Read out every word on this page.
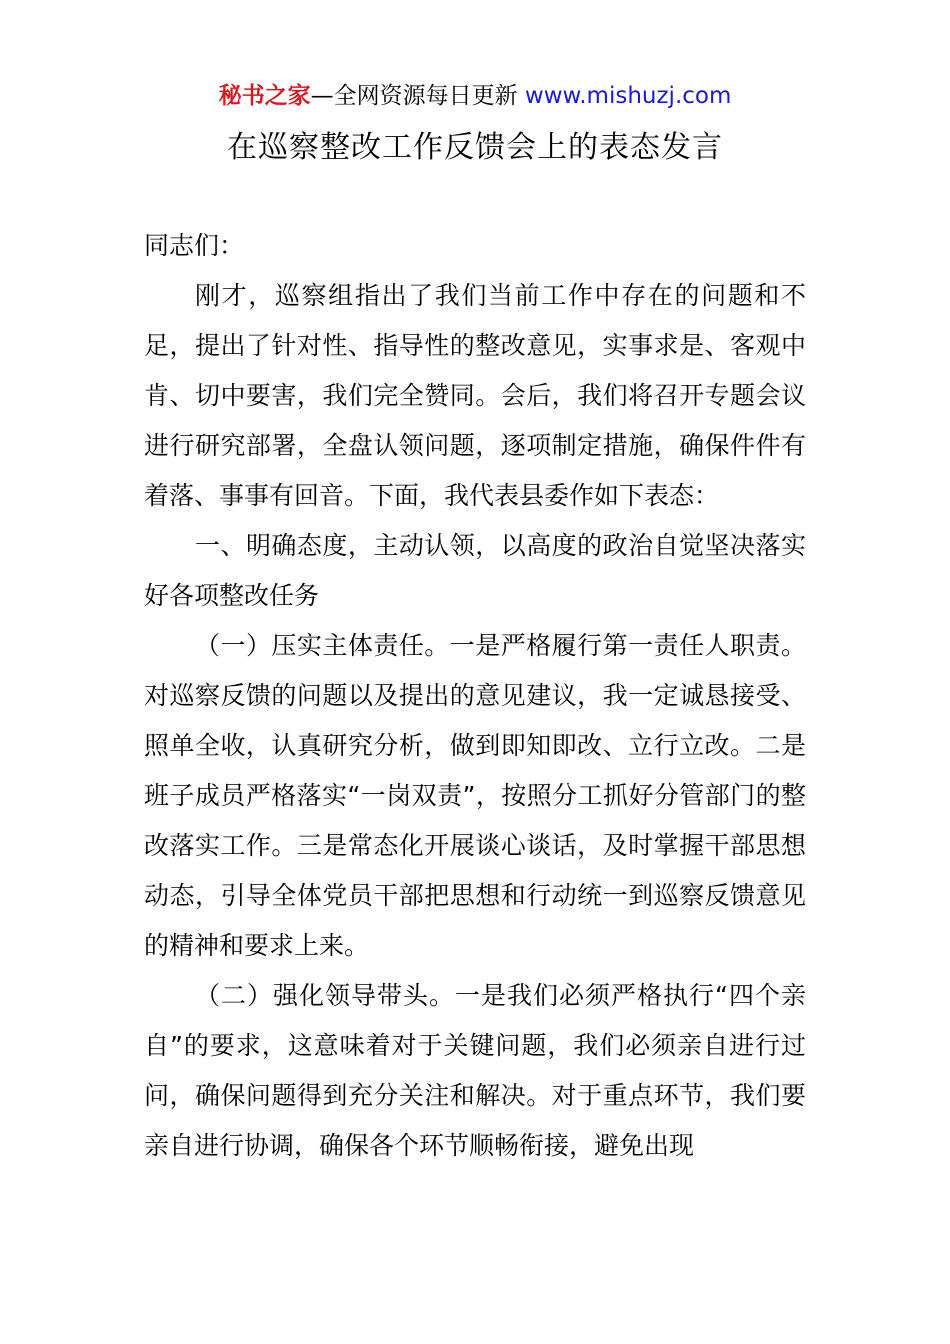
秘书之家—全网资源每日更新 www.mishuzj.com
在巡察整改工作反馈会上的表态发言

同志们：

刚才，巡察组指出了我们当前工作中存在的问题和不足，提出了针对性、指导性的整改意见，实事求是、客观中肯、切中要害，我们完全赞同。会后，我们将召开专题会议进行研究部署，全盘认领问题，逐项制定措施，确保件件有着落、事事有回音。下面，我代表县委作如下表态：

一、明确态度，主动认领，以高度的政治自觉坚决落实好各项整改任务

（一）压实主体责任。一是严格履行第一责任人职责。对巡察反馈的问题以及提出的意见建议，我一定诚恳接受、照单全收，认真研究分析，做到即知即改、立行立改。二是班子成员严格落实“一岗双责”，按照分工抓好分管部门的整改落实工作。三是常态化开展谈心谈话，及时掌握干部思想动态，引导全体党员干部把思想和行动统一到巡察反馈意见的精神和要求上来。

（二）强化领导带头。一是我们必须严格执行“四个亲自”的要求，这意味着对于关键问题，我们必须亲自进行过问，确保问题得到充分关注和解决。对于重点环节，我们要亲自进行协调，确保各个环节顺畅衔接，避免出现
